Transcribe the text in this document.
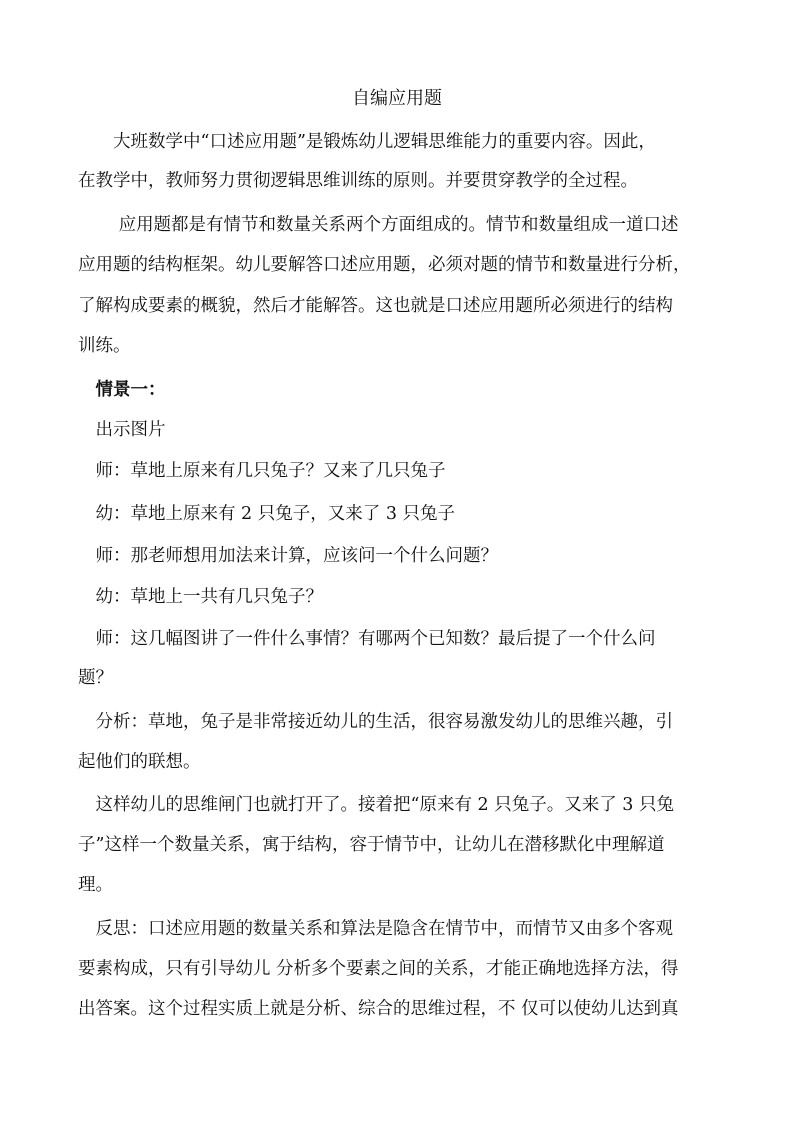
自编应用题
　　大班数学中“口述应用题”是锻炼幼儿逻辑思维能力的重要内容。因此，
在教学中，教师努力贯彻逻辑思维训练的原则。并要贯穿教学的全过程。
　　 应用题都是有情节和数量关系两个方面组成的。情节和数量组成一道口述
应用题的结构框架。幼儿要解答口述应用题，必须对题的情节和数量进行分析，
了解构成要素的概貌，然后才能解答。这也就是口述应用题所必须进行的结构
训练。
　情景一：
　出示图片
　师：草地上原来有几只兔子？又来了几只兔子
　幼：草地上原来有 2 只兔子，又来了 3 只兔子
　师：那老师想用加法来计算，应该问一个什么问题？
　幼：草地上一共有几只兔子？
　师：这几幅图讲了一件什么事情？有哪两个已知数？最后提了一个什么问
题？
　分析：草地，兔子是非常接近幼儿的生活，很容易激发幼儿的思维兴趣，引
起他们的联想。
　这样幼儿的思维闸门也就打开了。接着把“原来有 2 只兔子。又来了 3 只兔
子”这样一个数量关系，寓于结构，容于情节中，让幼儿在潜移默化中理解道
理。
　反思：口述应用题的数量关系和算法是隐含在情节中，而情节又由多个客观
要素构成，只有引导幼儿 分析多个要素之间的关系，才能正确地选择方法，得
出答案。这个过程实质上就是分析、综合的思维过程，不 仅可以使幼儿达到真
